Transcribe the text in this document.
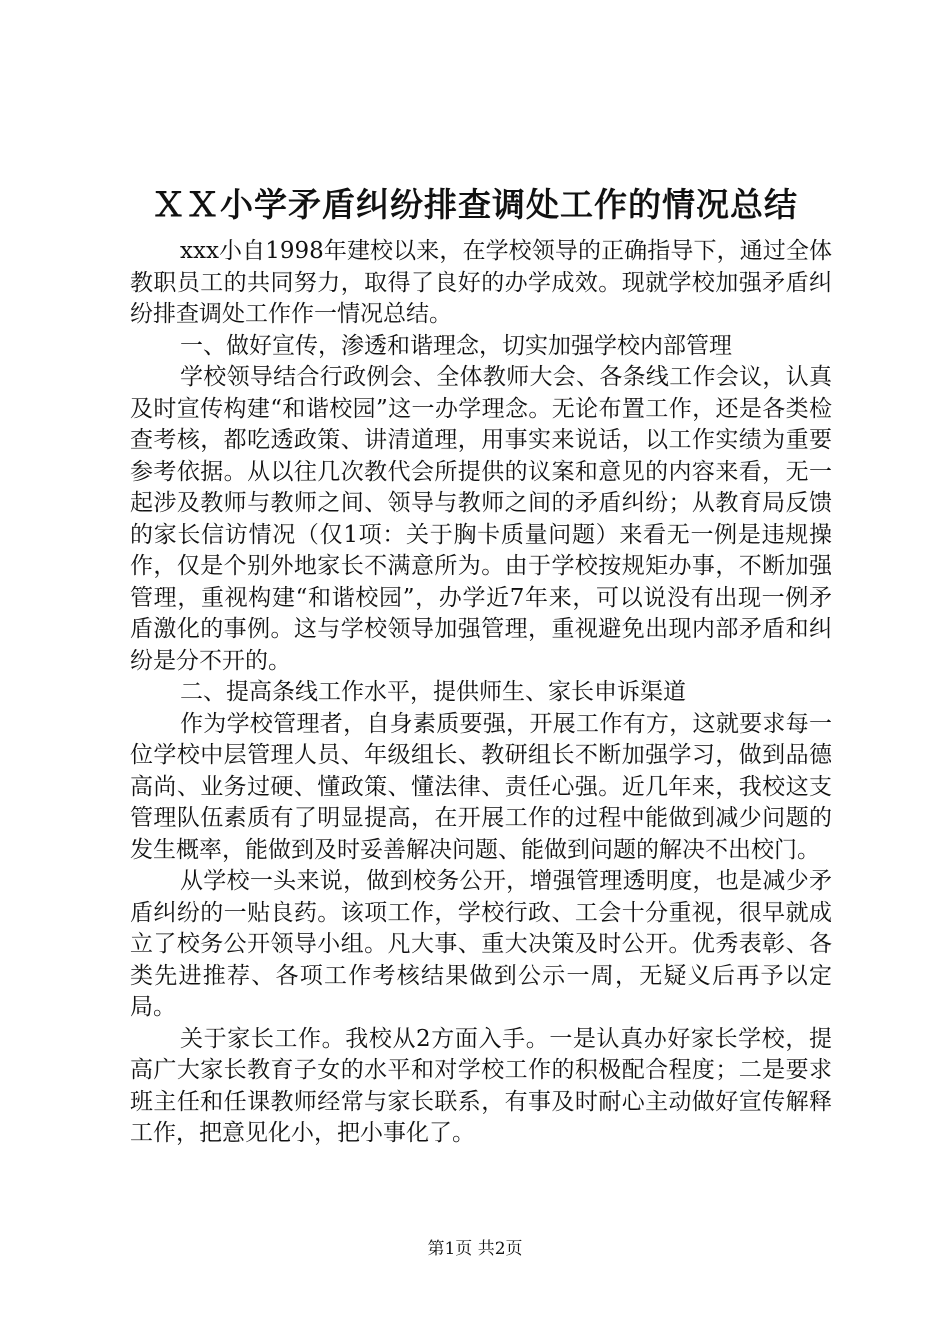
ＸＸ小学矛盾纠纷排查调处工作的情况总结

xxx小自1998年建校以来，在学校领导的正确指导下，通过全体教职员工的共同努力，取得了良好的办学成效。现就学校加强矛盾纠纷排查调处工作作一情况总结。

一、做好宣传，渗透和谐理念，切实加强学校内部管理

学校领导结合行政例会、全体教师大会、各条线工作会议，认真及时宣传构建“和谐校园”这一办学理念。无论布置工作，还是各类检查考核，都吃透政策、讲清道理，用事实来说话，以工作实绩为重要参考依据。从以往几次教代会所提供的议案和意见的内容来看，无一起涉及教师与教师之间、领导与教师之间的矛盾纠纷；从教育局反馈的家长信访情况（仅1项：关于胸卡质量问题）来看无一例是违规操作，仅是个别外地家长不满意所为。由于学校按规矩办事，不断加强管理，重视构建“和谐校园”，办学近7年来，可以说没有出现一例矛盾激化的事例。这与学校领导加强管理，重视避免出现内部矛盾和纠纷是分不开的。

二、提高条线工作水平，提供师生、家长申诉渠道

作为学校管理者，自身素质要强，开展工作有方，这就要求每一位学校中层管理人员、年级组长、教研组长不断加强学习，做到品德高尚、业务过硬、懂政策、懂法律、责任心强。近几年来，我校这支管理队伍素质有了明显提高，在开展工作的过程中能做到减少问题的发生概率，能做到及时妥善解决问题、能做到问题的解决不出校门。

从学校一头来说，做到校务公开，增强管理透明度，也是减少矛盾纠纷的一贴良药。该项工作，学校行政、工会十分重视，很早就成立了校务公开领导小组。凡大事、重大决策及时公开。优秀表彰、各类先进推荐、各项工作考核结果做到公示一周，无疑义后再予以定局。

关于家长工作。我校从2方面入手。一是认真办好家长学校，提高广大家长教育子女的水平和对学校工作的积极配合程度；二是要求班主任和任课教师经常与家长联系，有事及时耐心主动做好宣传解释工作，把意见化小，把小事化了。

第1页 共2页
